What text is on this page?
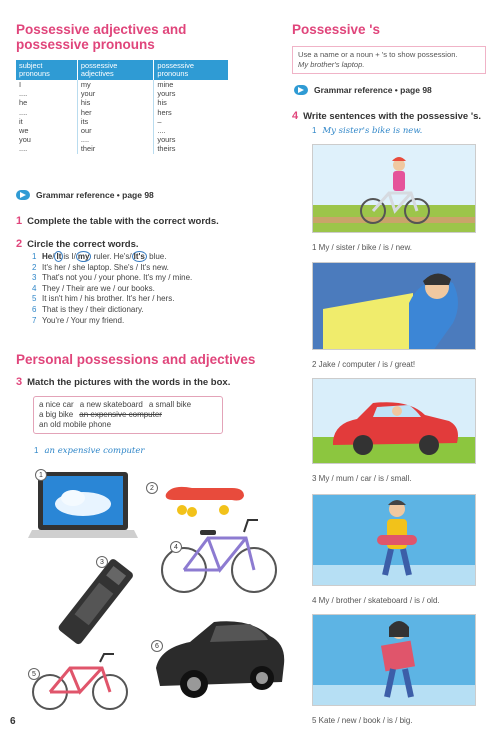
Possessive adjectives and possessive pronouns
subject pronouns	possessive adjectives	possessive pronouns
I	my	mine
....	your	yours
he	his	his
....	her	hers
it	its	–
we	our	....
you	....	yours
....	their	theirs
Grammar reference • page 98
1 Complete the table with the correct words.
2 Circle the correct words.
1 He/ It is I/ my ruler. He's/ It's blue.
2 It's her / she laptop. She's / It's new.
3 That's not you / your phone. It's my / mine.
4 They / Their are we / our books.
5 It isn't him / his brother. It's her / hers.
6 That is they / their dictionary.
7 You're / Your my friend.
Personal possessions and adjectives
3 Match the pictures with the words in the box.
a nice car a new skateboard a small bike
a big bike an expensive computer
an old mobile phone
1 an expensive computer
1
2
4
3
6
5
6
Possessive 's
Use a name or a noun + 's to show possession.
My brother's laptop.
Grammar reference • page 98
4 Write sentences with the possessive 's.
1 My sister's bike is new.
1 My / sister / bike / is / new.
2 Jake / computer / is / great!
3 My / mum / car / is / small.
4 My / brother / skateboard / is / old.
5 Kate / new / book / is / big.
